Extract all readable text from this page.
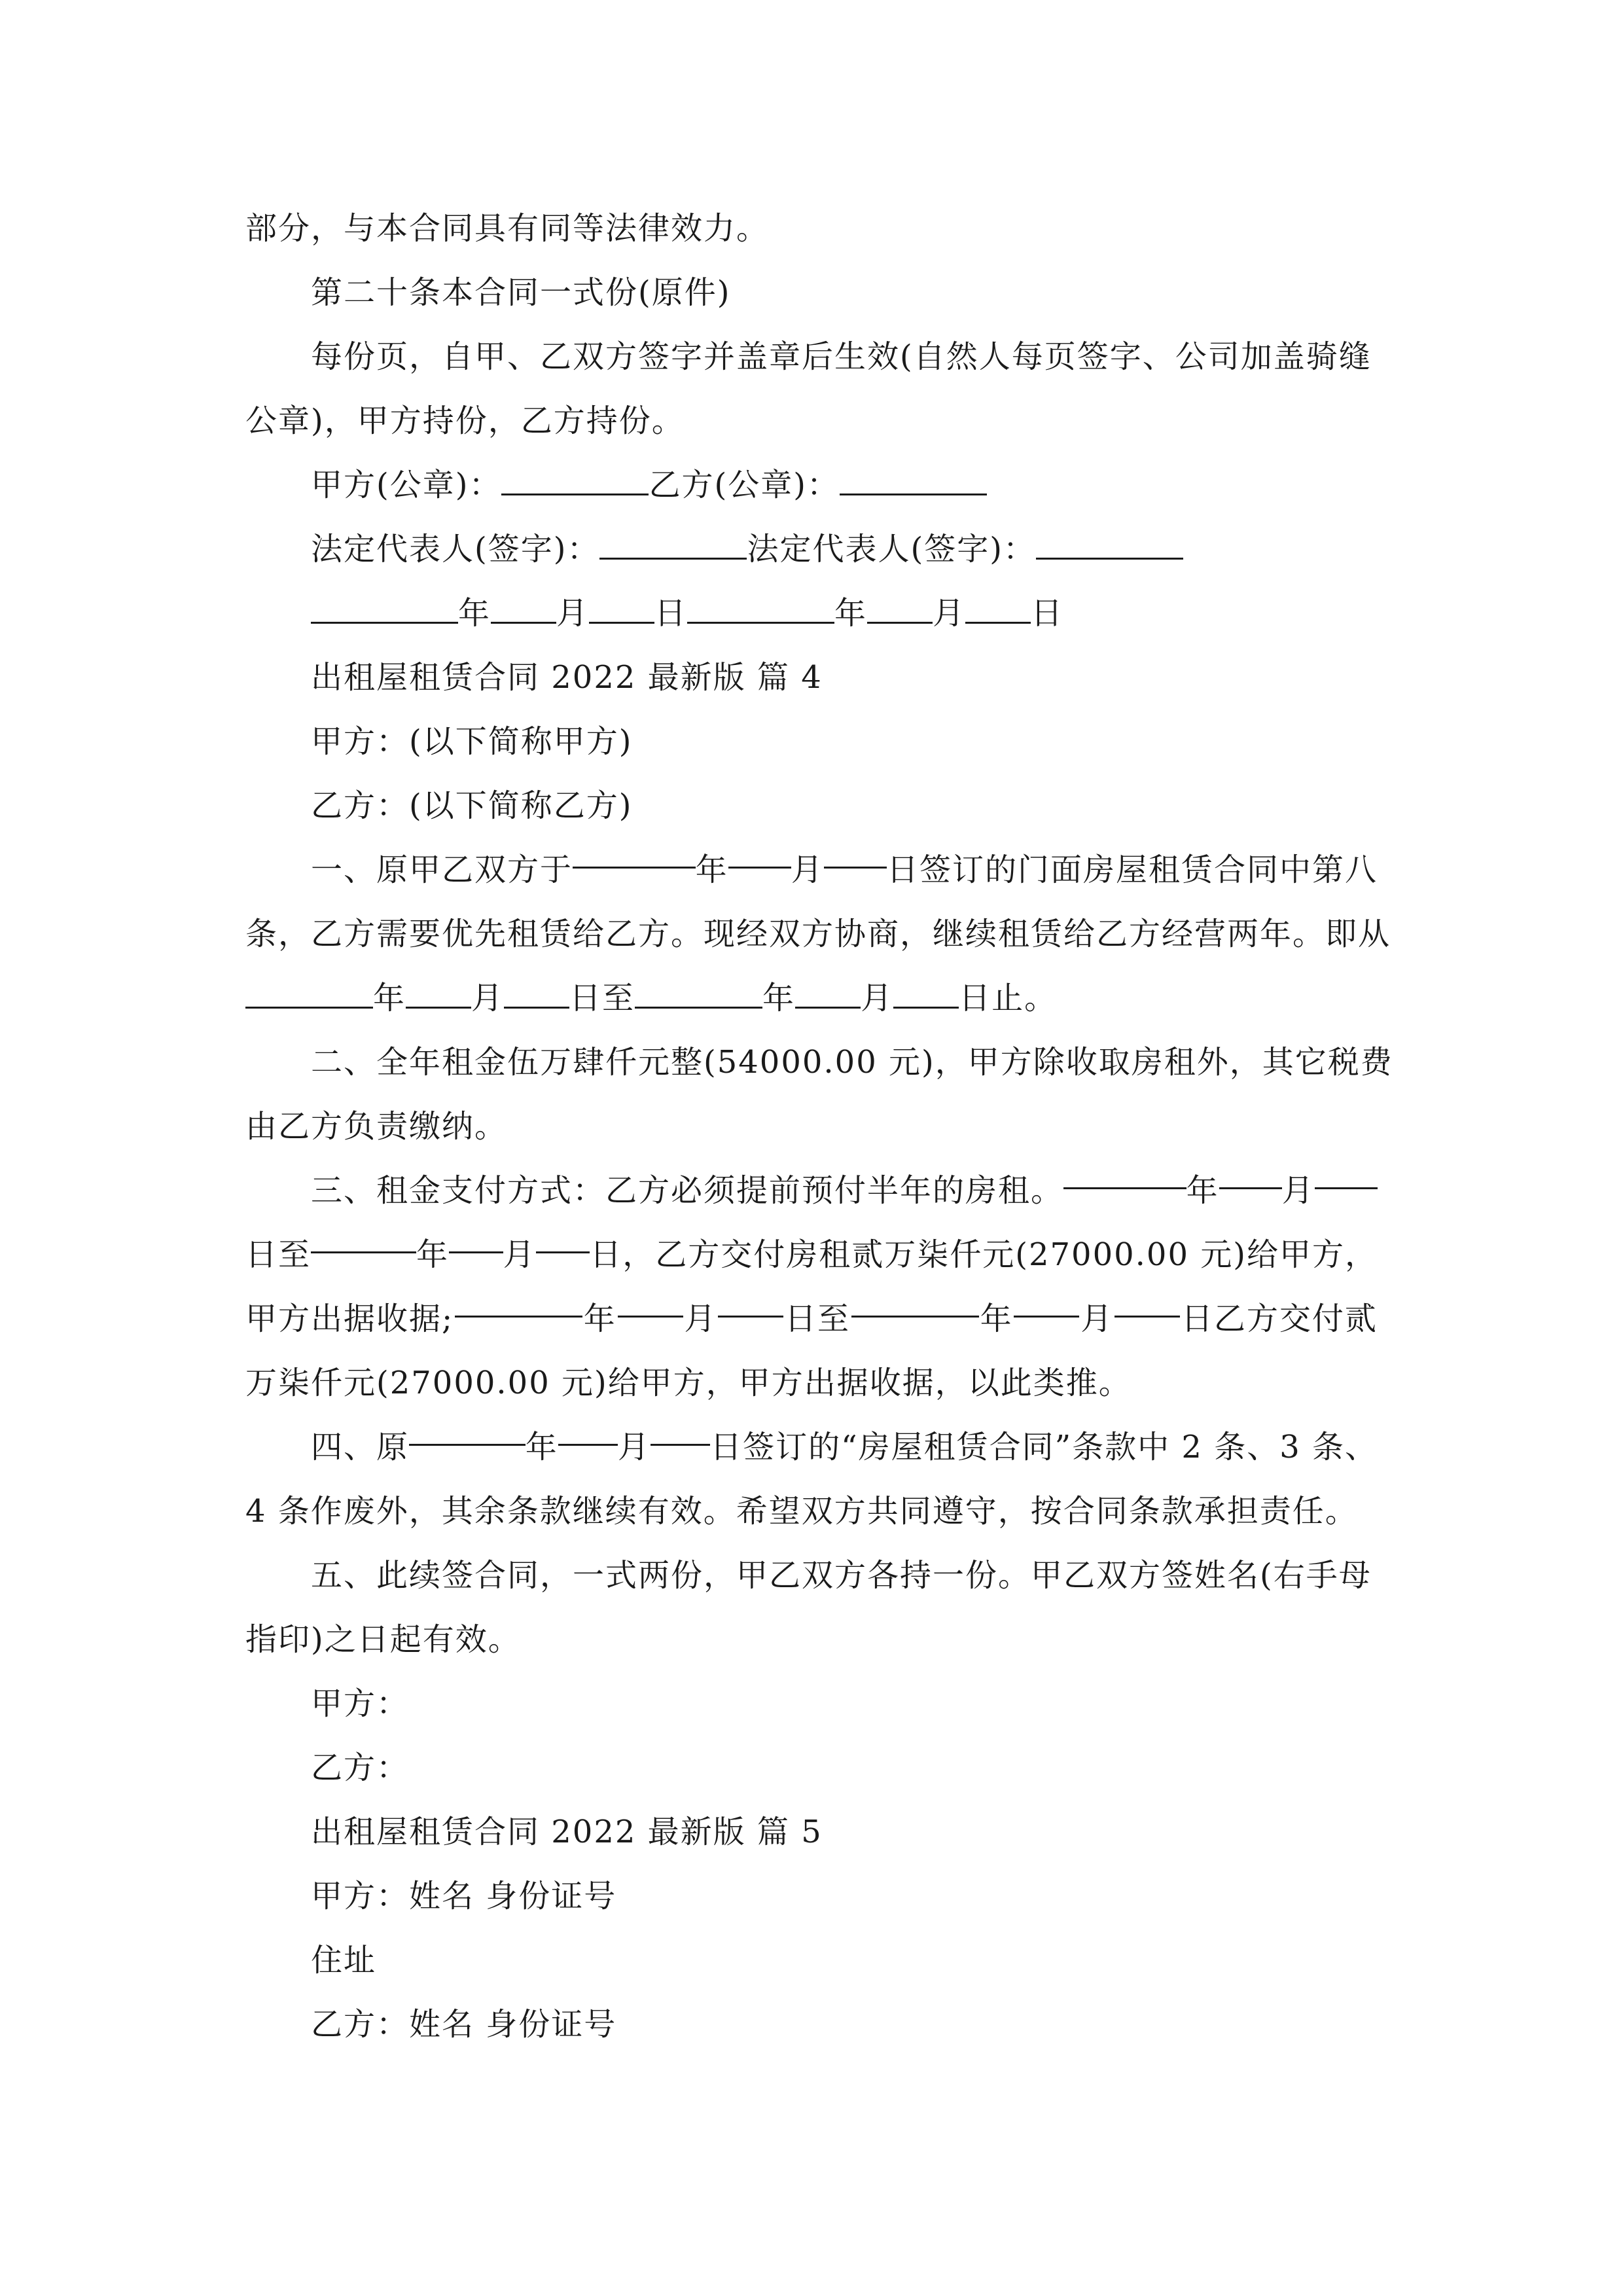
部分，与本合同具有同等法律效力。
第二十条本合同一式份(原件)
每份页，自甲、乙双方签字并盖章后生效(自然人每页签字、公司加盖骑缝
公章)，甲方持份，乙方持份。
甲方(公章)：	乙方(公章)：
法定代表人(签字)：	法定代表人(签字)：
年 月 日	年 月 日
出租屋租赁合同 2022 最新版 篇 4
甲方：(以下简称甲方)
乙方：(以下简称乙方)
一、原甲乙双方于	年 月 日签订的门面房屋租赁合同中第八
条，乙方需要优先租赁给乙方。现经双方协商，继续租赁给乙方经营两年。即从
年 月 日至	年 月 日止。
二、全年租金伍万肆仟元整(54000.00 元)，甲方除收取房租外，其它税费
由乙方负责缴纳。
三、租金支付方式：乙方必须提前预付半年的房租。	年 月
日至	年 月 日，乙方交付房租贰万柒仟元(27000.00 元)给甲方，
甲方出据收据;	年 月 日至	年 月 日乙方交付贰
万柒仟元(27000.00 元)给甲方，甲方出据收据，以此类推。
四、原	年 月 日签订的“房屋租赁合同”条款中 2 条、3 条、
4 条作废外，其余条款继续有效。希望双方共同遵守，按合同条款承担责任。
五、此续签合同，一式两份，甲乙双方各持一份。甲乙双方签姓名(右手母
指印)之日起有效。
甲方：
乙方：
出租屋租赁合同 2022 最新版 篇 5
甲方：姓名 身份证号
住址
乙方：姓名 身份证号
